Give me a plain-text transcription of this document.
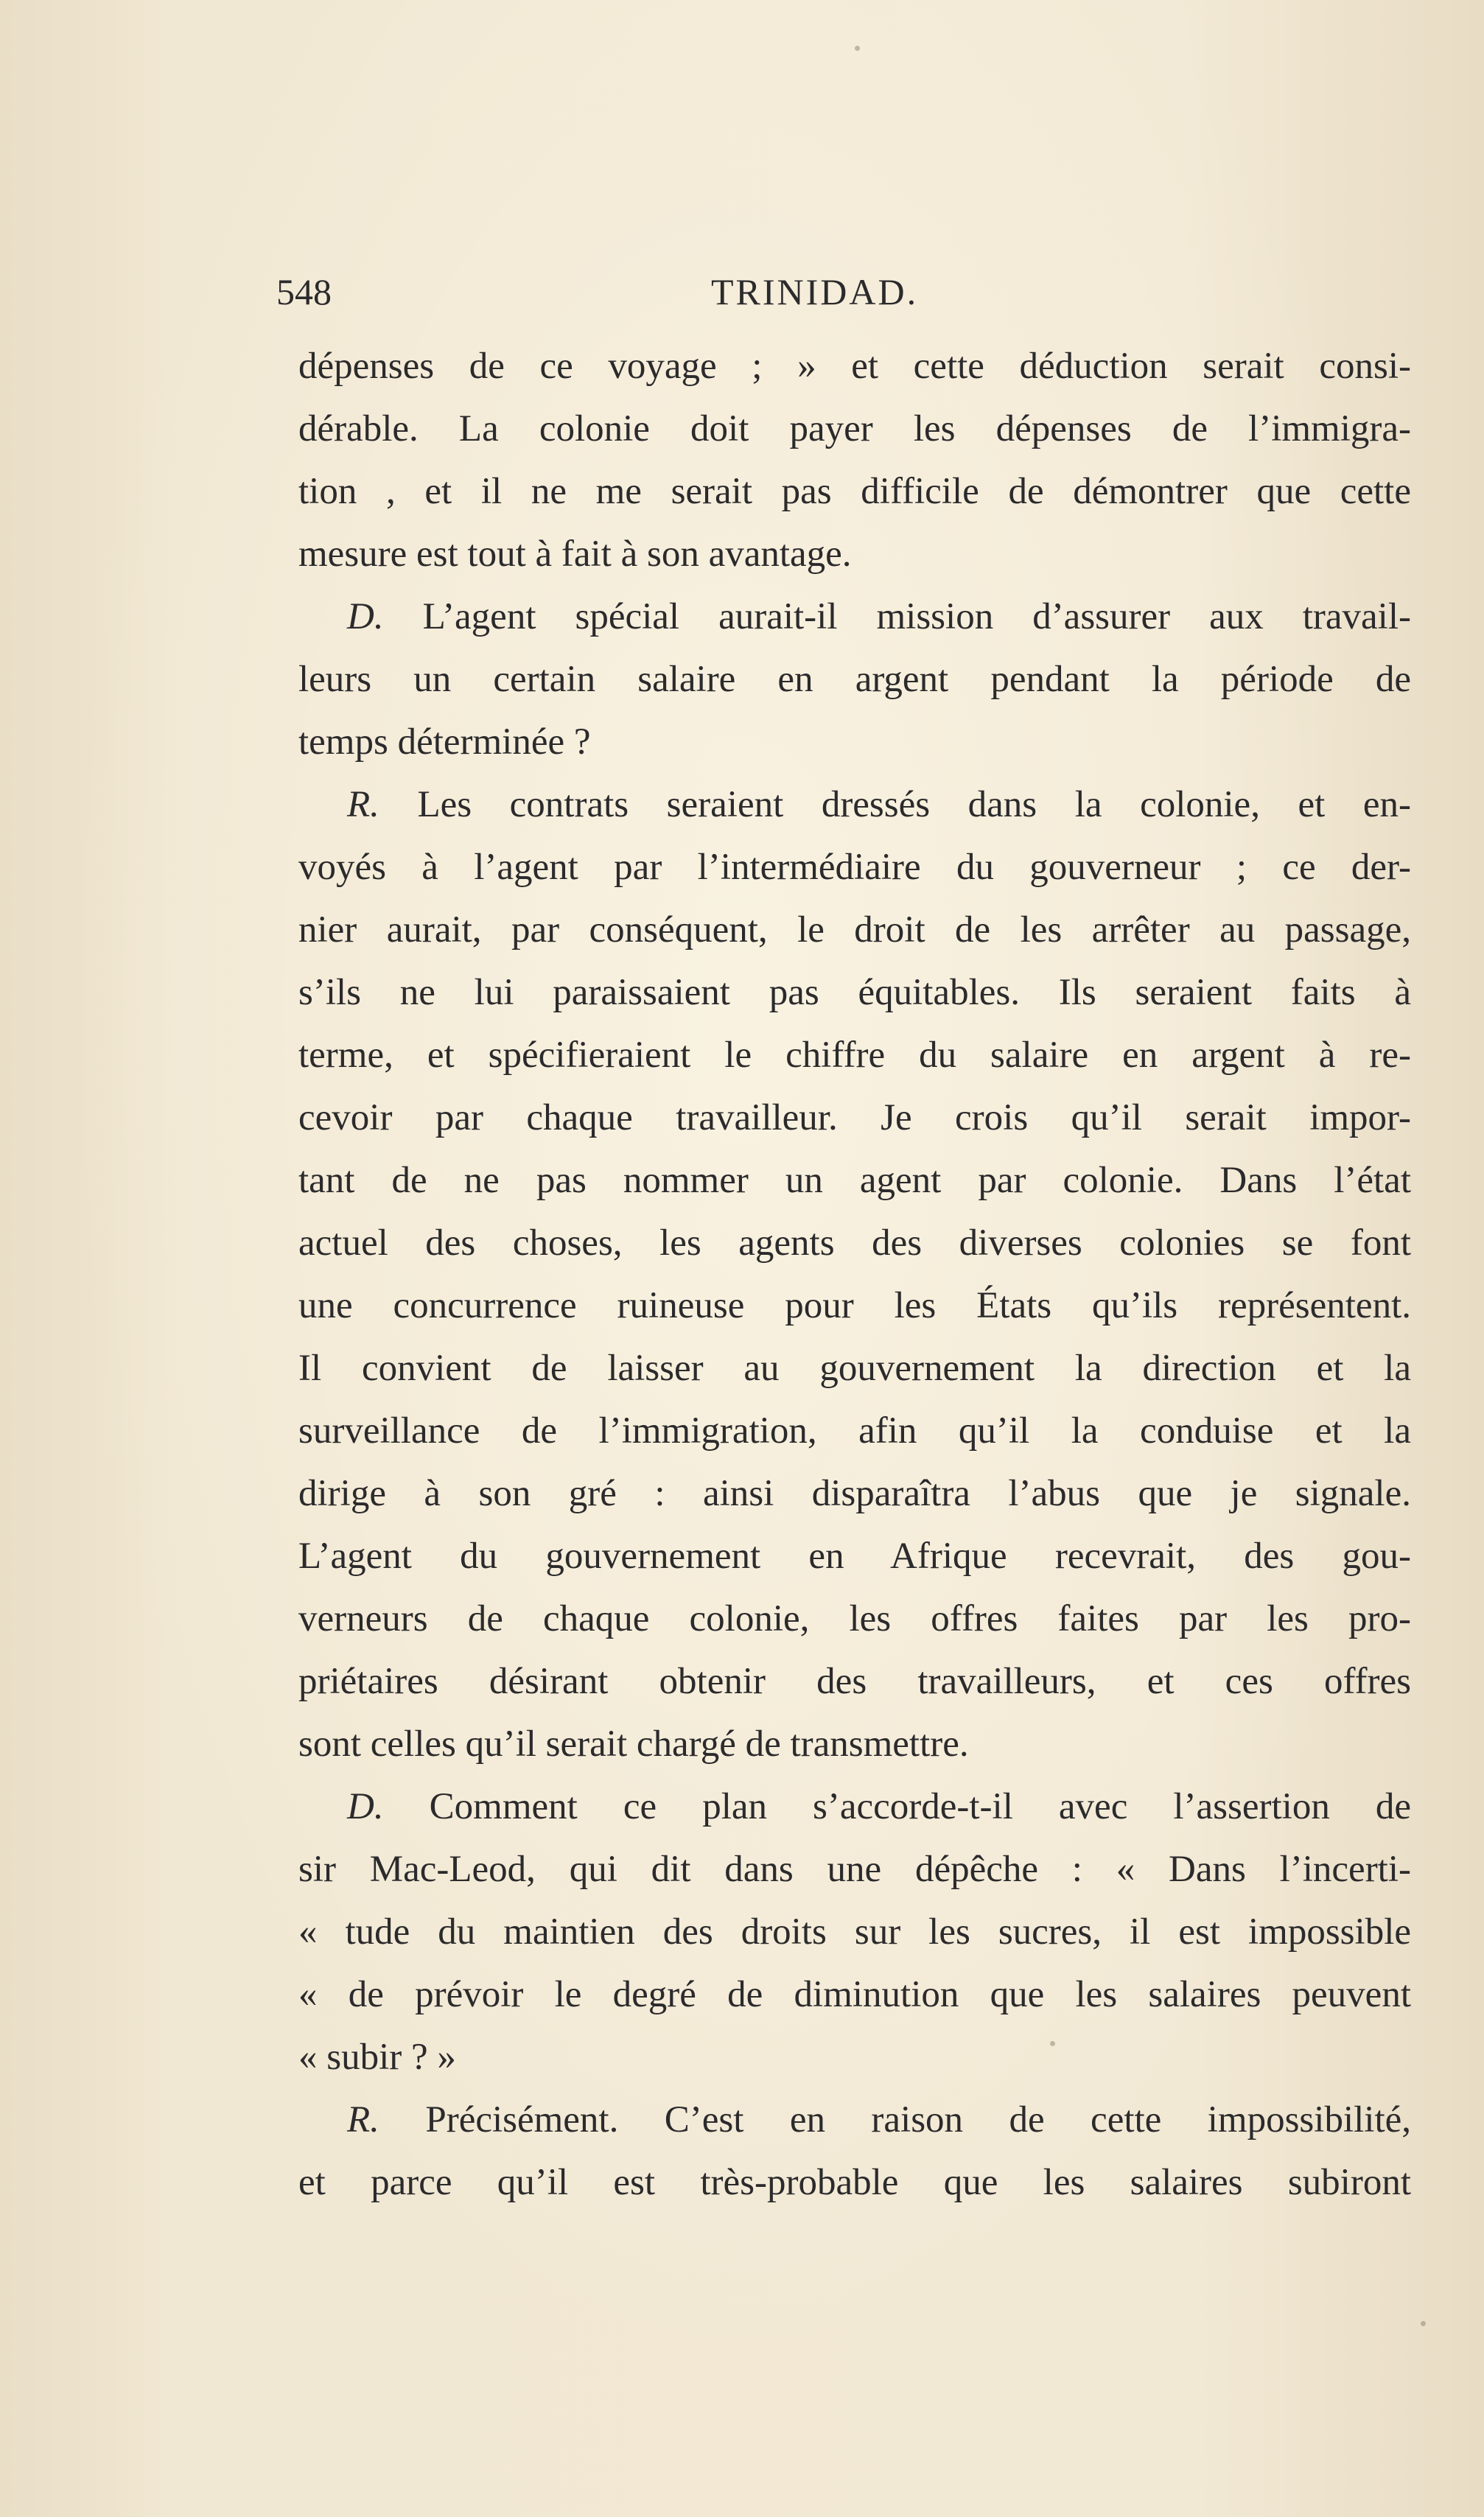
548	TRINIDAD.
dépenses de ce voyage ; » et cette déduction serait consi-
dérable. La colonie doit payer les dépenses de l’immigra-
tion , et il ne me serait pas difficile de démontrer que cette
mesure est tout à fait à son avantage.
D. L’agent spécial aurait-il mission d’assurer aux travail-
leurs un certain salaire en argent pendant la période de
temps déterminée ?
R. Les contrats seraient dressés dans la colonie, et en-
voyés à l’agent par l’intermédiaire du gouverneur ; ce der-
nier aurait, par conséquent, le droit de les arrêter au passage,
s’ils ne lui paraissaient pas équitables. Ils seraient faits à
terme, et spécifieraient le chiffre du salaire en argent à re-
cevoir par chaque travailleur. Je crois qu’il serait impor-
tant de ne pas nommer un agent par colonie. Dans l’état
actuel des choses, les agents des diverses colonies se font
une concurrence ruineuse pour les États qu’ils représentent.
Il convient de laisser au gouvernement la direction et la
surveillance de l’immigration, afin qu’il la conduise et la
dirige à son gré : ainsi disparaîtra l’abus que je signale.
L’agent du gouvernement en Afrique recevrait, des gou-
verneurs de chaque colonie, les offres faites par les pro-
priétaires désirant obtenir des travailleurs, et ces offres
sont celles qu’il serait chargé de transmettre.
D. Comment ce plan s’accorde-t-il avec l’assertion de
sir Mac-Leod, qui dit dans une dépêche : « Dans l’incerti-
« tude du maintien des droits sur les sucres, il est impossible
« de prévoir le degré de diminution que les salaires peuvent
« subir ? »
R. Précisément. C’est en raison de cette impossibilité,
et parce qu’il est très-probable que les salaires subiront
